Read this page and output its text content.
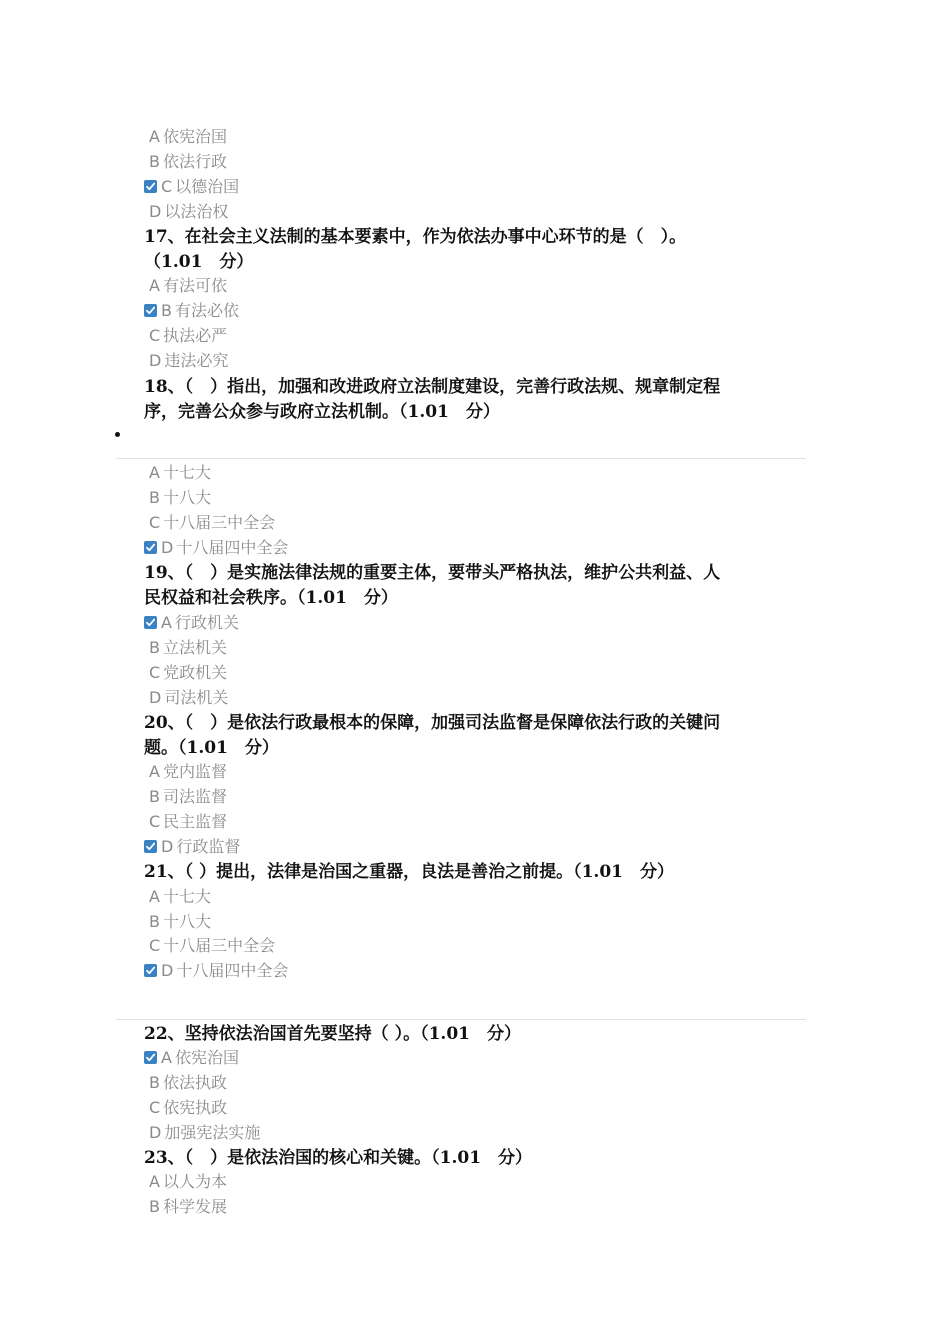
A 依宪治国
B 依法行政
C 以德治国
D 以法治权
17、在社会主义法制的基本要素中，作为依法办事中心环节的是（　）。
（1.01　分）
A 有法可依
B 有法必依
C 执法必严
D 违法必究
18、（　）指出，加强和改进政府立法制度建设，完善行政法规、规章制定程
序，完善公众参与政府立法机制。（1.01　分）
A 十七大
B 十八大
C 十八届三中全会
D 十八届四中全会
19、（　）是实施法律法规的重要主体，要带头严格执法，维护公共利益、人
民权益和社会秩序。（1.01　分）
A 行政机关
B 立法机关
C 党政机关
D 司法机关
20、（　）是依法行政最根本的保障，加强司法监督是保障依法行政的关键问
题。（1.01　分）
A 党内监督
B 司法监督
C 民主监督
D 行政监督
21、（ ）提出，法律是治国之重器，良法是善治之前提。（1.01　分）
A 十七大
B 十八大
C 十八届三中全会
D 十八届四中全会
22、坚持依法治国首先要坚持（ ）。（1.01　分）
A 依宪治国
B 依法执政
C 依宪执政
D 加强宪法实施
23、（　）是依法治国的核心和关键。（1.01　分）
A 以人为本
B 科学发展
